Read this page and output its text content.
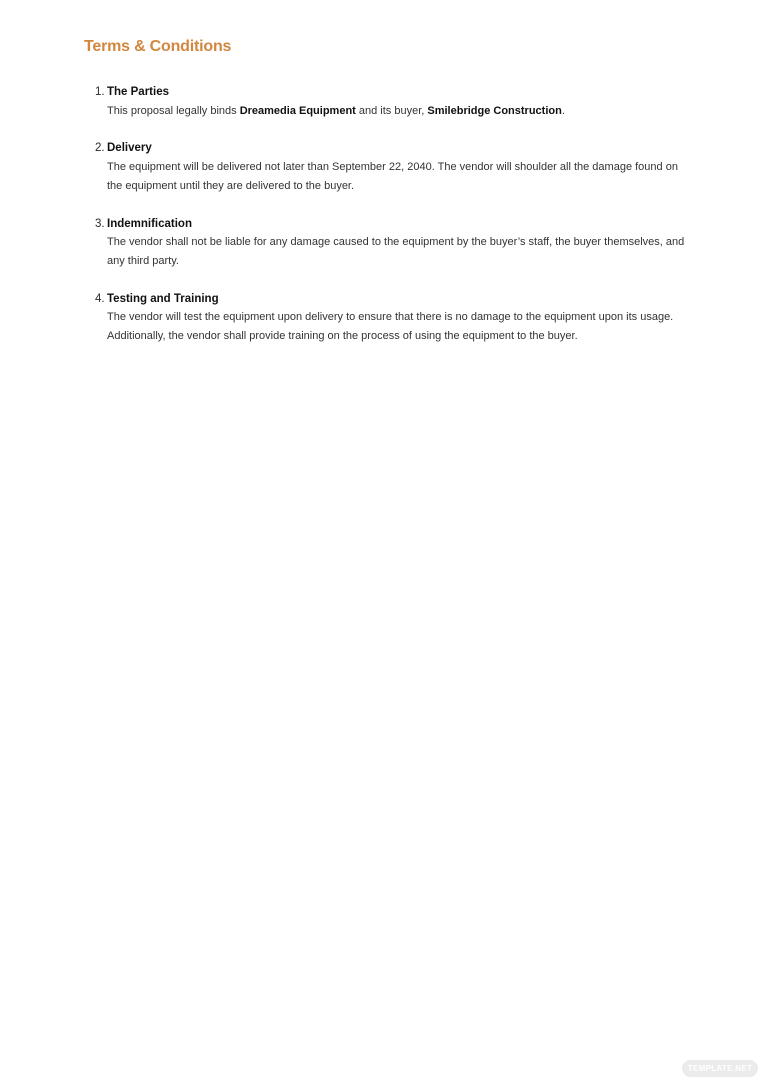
Terms & Conditions
1. The Parties

This proposal legally binds Dreamedia Equipment and its buyer, Smilebridge Construction.

2. Delivery

The equipment will be delivered not later than September 22, 2040. The vendor will shoulder all the damage found on the equipment until they are delivered to the buyer.

3. Indemnification

The vendor shall not be liable for any damage caused to the equipment by the buyer’s staff, the buyer themselves, and any third party.

4. Testing and Training

The vendor will test the equipment upon delivery to ensure that there is no damage to the equipment upon its usage. Additionally, the vendor shall provide training on the process of using the equipment to the buyer.

TEMPLATE.NET
